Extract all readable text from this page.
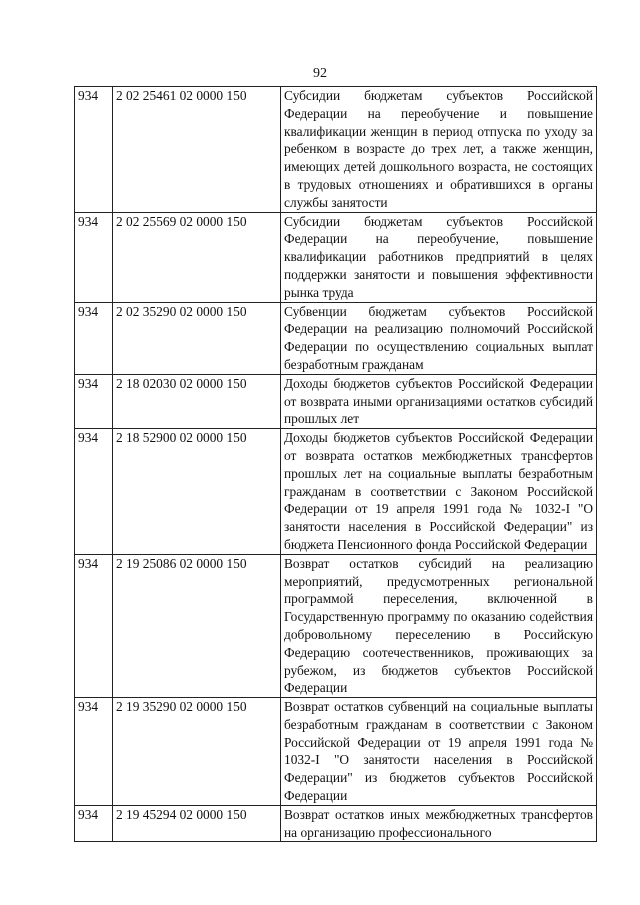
92
934	2 02 25461 02 0000 150	Субсидии бюджетам субъектов Российской Федерации на переобучение и повышение квалификации женщин в период отпуска по уходу за ребенком в возрасте до трех лет, а также женщин, имеющих детей дошкольного возраста, не состоящих в трудовых отношениях и обратившихся в органы службы занятости
934	2 02 25569 02 0000 150	Субсидии бюджетам субъектов Российской Федерации на переобучение, повышение квалификации работников предприятий в целях поддержки занятости и повышения эффективности рынка труда
934	2 02 35290 02 0000 150	Субвенции бюджетам субъектов Российской Федерации на реализацию полномочий Российской Федерации по осуществлению социальных выплат безработным гражданам
934	2 18 02030 02 0000 150	Доходы бюджетов субъектов Российской Федерации от возврата иными организациями остатков субсидий прошлых лет
934	2 18 52900 02 0000 150	Доходы бюджетов субъектов Российской Федерации от возврата остатков межбюджетных трансфертов прошлых лет на социальные выплаты безработным гражданам в соответствии с Законом Российской Федерации от 19 апреля 1991 года № 1032-I "О занятости населения в Российской Федерации" из бюджета Пенсионного фонда Российской Федерации
934	2 19 25086 02 0000 150	Возврат остатков субсидий на реализацию мероприятий, предусмотренных региональной программой переселения, включенной в Государственную программу по оказанию содействия добровольному переселению в Российскую Федерацию соотечественников, проживающих за рубежом, из бюджетов субъектов Российской Федерации
934	2 19 35290 02 0000 150	Возврат остатков субвенций на социальные выплаты безработным гражданам в соответствии с Законом Российской Федерации от 19 апреля 1991 года № 1032-I "О занятости населения в Российской Федерации" из бюджетов субъектов Российской Федерации
934	2 19 45294 02 0000 150	Возврат остатков иных межбюджетных трансфертов на организацию профессионального
